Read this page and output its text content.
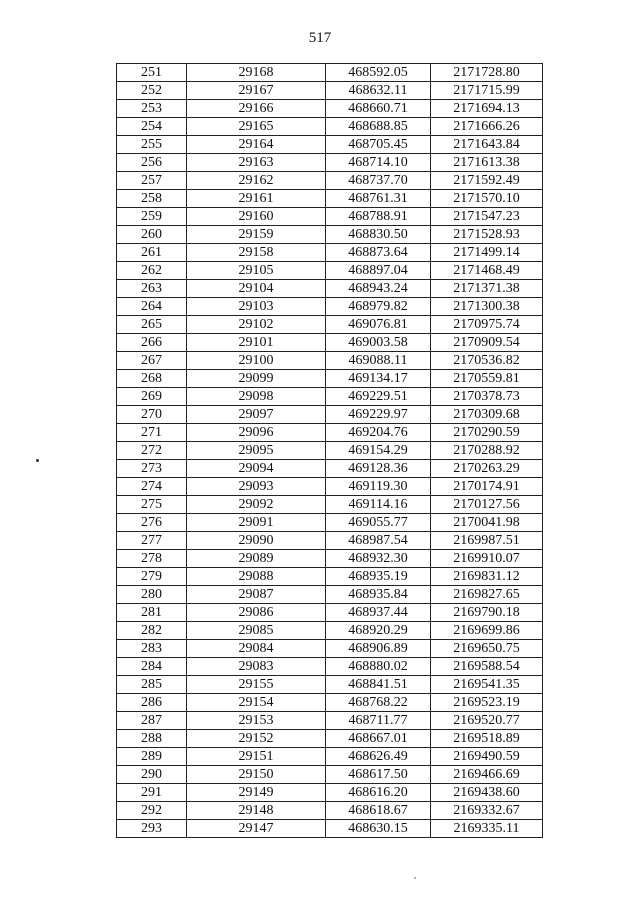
517
251	29168	468592.05	2171728.80
252	29167	468632.11	2171715.99
253	29166	468660.71	2171694.13
254	29165	468688.85	2171666.26
255	29164	468705.45	2171643.84
256	29163	468714.10	2171613.38
257	29162	468737.70	2171592.49
258	29161	468761.31	2171570.10
259	29160	468788.91	2171547.23
260	29159	468830.50	2171528.93
261	29158	468873.64	2171499.14
262	29105	468897.04	2171468.49
263	29104	468943.24	2171371.38
264	29103	468979.82	2171300.38
265	29102	469076.81	2170975.74
266	29101	469003.58	2170909.54
267	29100	469088.11	2170536.82
268	29099	469134.17	2170559.81
269	29098	469229.51	2170378.73
270	29097	469229.97	2170309.68
271	29096	469204.76	2170290.59
272	29095	469154.29	2170288.92
273	29094	469128.36	2170263.29
274	29093	469119.30	2170174.91
275	29092	469114.16	2170127.56
276	29091	469055.77	2170041.98
277	29090	468987.54	2169987.51
278	29089	468932.30	2169910.07
279	29088	468935.19	2169831.12
280	29087	468935.84	2169827.65
281	29086	468937.44	2169790.18
282	29085	468920.29	2169699.86
283	29084	468906.89	2169650.75
284	29083	468880.02	2169588.54
285	29155	468841.51	2169541.35
286	29154	468768.22	2169523.19
287	29153	468711.77	2169520.77
288	29152	468667.01	2169518.89
289	29151	468626.49	2169490.59
290	29150	468617.50	2169466.69
291	29149	468616.20	2169438.60
292	29148	468618.67	2169332.67
293	29147	468630.15	2169335.11
